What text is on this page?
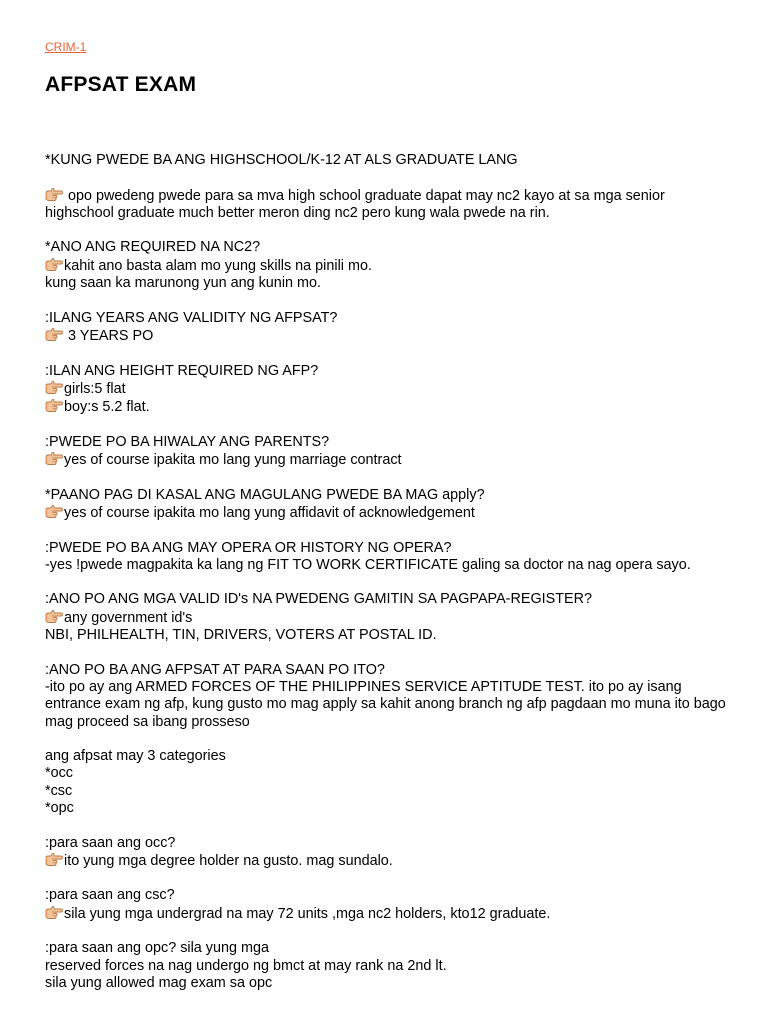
CRIM-1
AFPSAT EXAM
*KUNG PWEDE BA ANG HIGHSCHOOL/K-12 AT ALS GRADUATE LANG
opo pwedeng pwede para sa mva high school graduate dapat may nc2 kayo at sa mga senior highschool graduate much better meron ding nc2 pero kung wala pwede na rin.
*ANO ANG REQUIRED NA NC2?
kahit ano basta alam mo yung skills na pinili mo.
kung saan ka marunong yun ang kunin mo.
:ILANG YEARS ANG VALIDITY NG AFPSAT?
3 YEARS PO
:ILAN ANG HEIGHT REQUIRED NG AFP?
girls:5 flat
boy:s 5.2 flat.
:PWEDE PO BA HIWALAY ANG PARENTS?
yes of course ipakita mo lang yung marriage contract
*PAANO PAG DI KASAL ANG MAGULANG PWEDE BA MAG apply?
yes of course ipakita mo lang yung affidavit of acknowledgement
:PWEDE PO BA ANG MAY OPERA OR HISTORY NG OPERA?
-yes !pwede magpakita ka lang ng FIT TO WORK CERTIFICATE galing sa doctor na nag opera sayo.
:ANO PO ANG MGA VALID ID's NA PWEDENG GAMITIN SA PAGPAPA-REGISTER?
any government id's
NBI, PHILHEALTH, TIN, DRIVERS, VOTERS AT POSTAL ID.
:ANO PO BA ANG AFPSAT AT PARA SAAN PO ITO?
-ito po ay ang ARMED FORCES OF THE PHILIPPINES SERVICE APTITUDE TEST. ito po ay isang entrance exam ng afp, kung gusto mo mag apply sa kahit anong branch ng afp pagdaan mo muna ito bago mag proceed sa ibang prosseso
ang afpsat may 3 categories
*occ
*csc
*opc
:para saan ang occ?
ito yung mga degree holder na gusto. mag sundalo.
:para saan ang csc?
sila yung mga undergrad na may 72 units ,mga nc2 holders, kto12 graduate.
:para saan ang opc? sila yung mga
reserved forces na nag undergo ng bmct at may rank na 2nd lt.
sila yung allowed mag exam sa opc
